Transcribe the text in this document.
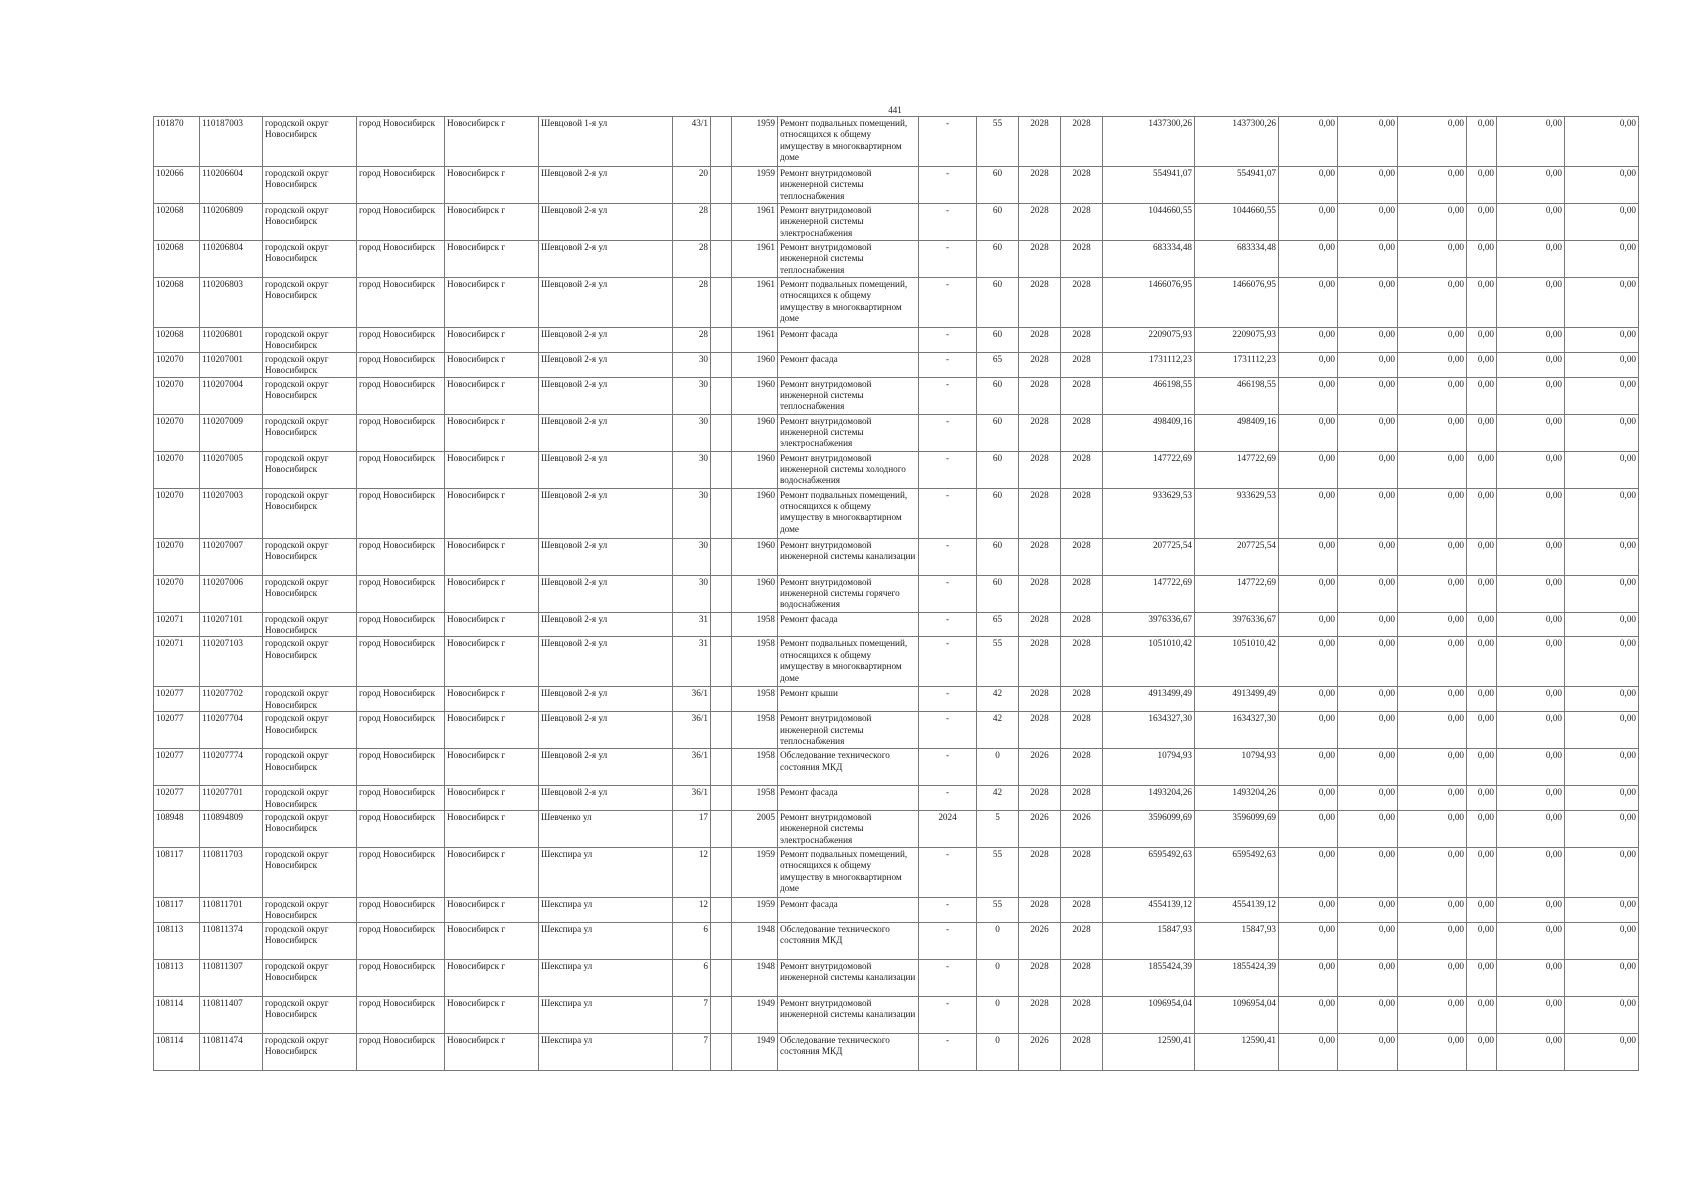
441
101870	110187003	городской округ Новосибирск	город Новосибирск	Новосибирск г	Шевцовой 1-я ул	43/1		1959	Ремонт подвальных помещений, относящихся к общему имуществу в многоквартирном доме	-	55	2028	2028	1437300,26	1437300,26	0,00	0,00	0,00	0,00	0,00	0,00
102066	110206604	городской округ Новосибирск	город Новосибирск	Новосибирск г	Шевцовой 2-я ул	20		1959	Ремонт внутридомовой инженерной системы теплоснабжения	-	60	2028	2028	554941,07	554941,07	0,00	0,00	0,00	0,00	0,00	0,00
102068	110206809	городской округ Новосибирск	город Новосибирск	Новосибирск г	Шевцовой 2-я ул	28		1961	Ремонт внутридомовой инженерной системы электроснабжения	-	60	2028	2028	1044660,55	1044660,55	0,00	0,00	0,00	0,00	0,00	0,00
102068	110206804	городской округ Новосибирск	город Новосибирск	Новосибирск г	Шевцовой 2-я ул	28		1961	Ремонт внутридомовой инженерной системы теплоснабжения	-	60	2028	2028	683334,48	683334,48	0,00	0,00	0,00	0,00	0,00	0,00
102068	110206803	городской округ Новосибирск	город Новосибирск	Новосибирск г	Шевцовой 2-я ул	28		1961	Ремонт подвальных помещений, относящихся к общему имуществу в многоквартирном доме	-	60	2028	2028	1466076,95	1466076,95	0,00	0,00	0,00	0,00	0,00	0,00
102068	110206801	городской округ Новосибирск	город Новосибирск	Новосибирск г	Шевцовой 2-я ул	28		1961	Ремонт фасада	-	60	2028	2028	2209075,93	2209075,93	0,00	0,00	0,00	0,00	0,00	0,00
102070	110207001	городской округ Новосибирск	город Новосибирск	Новосибирск г	Шевцовой 2-я ул	30		1960	Ремонт фасада	-	65	2028	2028	1731112,23	1731112,23	0,00	0,00	0,00	0,00	0,00	0,00
102070	110207004	городской округ Новосибирск	город Новосибирск	Новосибирск г	Шевцовой 2-я ул	30		1960	Ремонт внутридомовой инженерной системы теплоснабжения	-	60	2028	2028	466198,55	466198,55	0,00	0,00	0,00	0,00	0,00	0,00
102070	110207009	городской округ Новосибирск	город Новосибирск	Новосибирск г	Шевцовой 2-я ул	30		1960	Ремонт внутридомовой инженерной системы электроснабжения	-	60	2028	2028	498409,16	498409,16	0,00	0,00	0,00	0,00	0,00	0,00
102070	110207005	городской округ Новосибирск	город Новосибирск	Новосибирск г	Шевцовой 2-я ул	30		1960	Ремонт внутридомовой инженерной системы холодного водоснабжения	-	60	2028	2028	147722,69	147722,69	0,00	0,00	0,00	0,00	0,00	0,00
102070	110207003	городской округ Новосибирск	город Новосибирск	Новосибирск г	Шевцовой 2-я ул	30		1960	Ремонт подвальных помещений, относящихся к общему имуществу в многоквартирном доме	-	60	2028	2028	933629,53	933629,53	0,00	0,00	0,00	0,00	0,00	0,00
102070	110207007	городской округ Новосибирск	город Новосибирск	Новосибирск г	Шевцовой 2-я ул	30		1960	Ремонт внутридомовой инженерной системы канализации	-	60	2028	2028	207725,54	207725,54	0,00	0,00	0,00	0,00	0,00	0,00
102070	110207006	городской округ Новосибирск	город Новосибирск	Новосибирск г	Шевцовой 2-я ул	30		1960	Ремонт внутридомовой инженерной системы горячего водоснабжения	-	60	2028	2028	147722,69	147722,69	0,00	0,00	0,00	0,00	0,00	0,00
102071	110207101	городской округ Новосибирск	город Новосибирск	Новосибирск г	Шевцовой 2-я ул	31		1958	Ремонт фасада	-	65	2028	2028	3976336,67	3976336,67	0,00	0,00	0,00	0,00	0,00	0,00
102071	110207103	городской округ Новосибирск	город Новосибирск	Новосибирск г	Шевцовой 2-я ул	31		1958	Ремонт подвальных помещений, относящихся к общему имуществу в многоквартирном доме	-	55	2028	2028	1051010,42	1051010,42	0,00	0,00	0,00	0,00	0,00	0,00
102077	110207702	городской округ Новосибирск	город Новосибирск	Новосибирск г	Шевцовой 2-я ул	36/1		1958	Ремонт крыши	-	42	2028	2028	4913499,49	4913499,49	0,00	0,00	0,00	0,00	0,00	0,00
102077	110207704	городской округ Новосибирск	город Новосибирск	Новосибирск г	Шевцовой 2-я ул	36/1		1958	Ремонт внутридомовой инженерной системы теплоснабжения	-	42	2028	2028	1634327,30	1634327,30	0,00	0,00	0,00	0,00	0,00	0,00
102077	110207774	городской округ Новосибирск	город Новосибирск	Новосибирск г	Шевцовой 2-я ул	36/1		1958	Обследование технического состояния МКД	-	0	2026	2028	10794,93	10794,93	0,00	0,00	0,00	0,00	0,00	0,00
102077	110207701	городской округ Новосибирск	город Новосибирск	Новосибирск г	Шевцовой 2-я ул	36/1		1958	Ремонт фасада	-	42	2028	2028	1493204,26	1493204,26	0,00	0,00	0,00	0,00	0,00	0,00
108948	110894809	городской округ Новосибирск	город Новосибирск	Новосибирск г	Шевченко ул	17		2005	Ремонт внутридомовой инженерной системы электроснабжения	2024	5	2026	2026	3596099,69	3596099,69	0,00	0,00	0,00	0,00	0,00	0,00
108117	110811703	городской округ Новосибирск	город Новосибирск	Новосибирск г	Шекспира ул	12		1959	Ремонт подвальных помещений, относящихся к общему имуществу в многоквартирном доме	-	55	2028	2028	6595492,63	6595492,63	0,00	0,00	0,00	0,00	0,00	0,00
108117	110811701	городской округ Новосибирск	город Новосибирск	Новосибирск г	Шекспира ул	12		1959	Ремонт фасада	-	55	2028	2028	4554139,12	4554139,12	0,00	0,00	0,00	0,00	0,00	0,00
108113	110811374	городской округ Новосибирск	город Новосибирск	Новосибирск г	Шекспира ул	6		1948	Обследование технического состояния МКД	-	0	2026	2028	15847,93	15847,93	0,00	0,00	0,00	0,00	0,00	0,00
108113	110811307	городской округ Новосибирск	город Новосибирск	Новосибирск г	Шекспира ул	6		1948	Ремонт внутридомовой инженерной системы канализации	-	0	2028	2028	1855424,39	1855424,39	0,00	0,00	0,00	0,00	0,00	0,00
108114	110811407	городской округ Новосибирск	город Новосибирск	Новосибирск г	Шекспира ул	7		1949	Ремонт внутридомовой инженерной системы канализации	-	0	2028	2028	1096954,04	1096954,04	0,00	0,00	0,00	0,00	0,00	0,00
108114	110811474	городской округ Новосибирск	город Новосибирск	Новосибирск г	Шекспира ул	7		1949	Обследование технического состояния МКД	-	0	2026	2028	12590,41	12590,41	0,00	0,00	0,00	0,00	0,00	0,00
